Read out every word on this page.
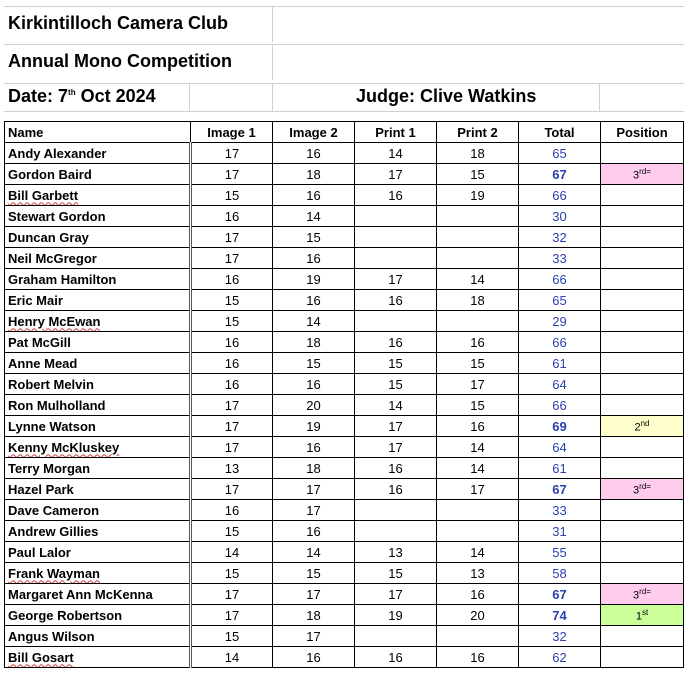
Kirkintilloch Camera Club
Annual Mono Competition
Date: 7th Oct 2024	Judge: Clive Watkins
Name	Image 1	Image 2	Print 1	Print 2	Total	Position
Andy Alexander	17	16	14	18	65	
Gordon Baird	17	18	17	15	67	$3^{rd=}$
Bill Garbett	15	16	16	19	66	
Stewart Gordon	16	14			30	
Duncan Gray	17	15			32	
Neil McGregor	17	16			33	
Graham Hamilton	16	19	17	14	66	
Eric Mair	15	16	16	18	65	
Henry McEwan	15	14			29	
Pat McGill	16	18	16	16	66	
Anne Mead	16	15	15	15	61	
Robert Melvin	16	16	15	17	64	
Ron Mulholland	17	20	14	15	66	
Lynne Watson	17	19	17	16	69	2nd
Kenny McKluskey	17	16	17	14	64	
Terry Morgan	13	18	16	14	61	
Hazel Park	17	17	16	17	67	$3^{rd=}$
Dave Cameron	16	17			33	
Andrew Gillies	15	16			31	
Paul Lalor	14	14	13	14	55	
Frank Wayman	15	15	15	13	58	
Margaret Ann McKenna	17	17	17	16	67	$3^{rd=}$
George Robertson	17	18	19	20	74	1st
Angus Wilson	15	17			32	
Bill Gosart	14	16	16	16	62	
